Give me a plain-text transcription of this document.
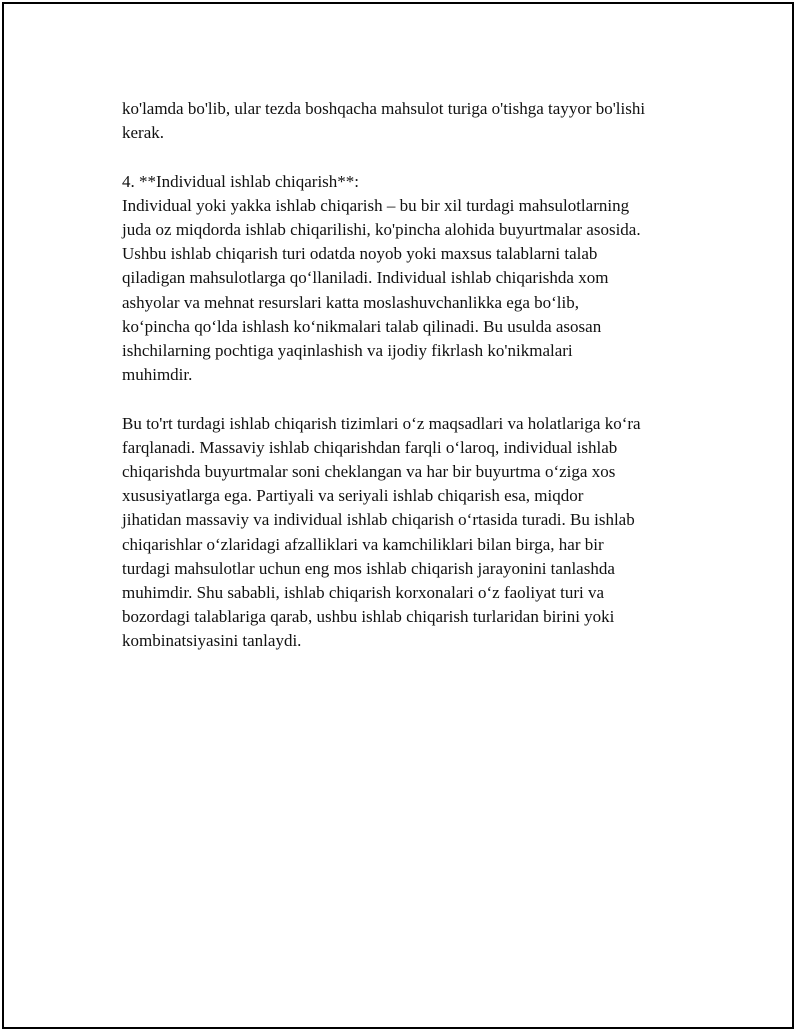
ko'lamda bo'lib, ular tezda boshqacha mahsulot turiga o'tishga tayyor bo'lishi
kerak.

4. **Individual ishlab chiqarish**:

Individual yoki yakka ishlab chiqarish – bu bir xil turdagi mahsulotlarning
juda oz miqdorda ishlab chiqarilishi, ko'pincha alohida buyurtmalar asosida.
Ushbu ishlab chiqarish turi odatda noyob yoki maxsus talablarni talab
qiladigan mahsulotlarga qo‘llaniladi. Individual ishlab chiqarishda xom
ashyolar va mehnat resurslari katta moslashuvchanlikka ega bo‘lib,
ko‘pincha qo‘lda ishlash ko‘nikmalari talab qilinadi. Bu usulda asosan
ishchilarning pochtiga yaqinlashish va ijodiy fikrlash ko'nikmalari
muhimdir.

Bu to'rt turdagi ishlab chiqarish tizimlari o‘z maqsadlari va holatlariga ko‘ra
farqlanadi. Massaviy ishlab chiqarishdan farqli o‘laroq, individual ishlab
chiqarishda buyurtmalar soni cheklangan va har bir buyurtma o‘ziga xos
xususiyatlarga ega. Partiyali va seriyali ishlab chiqarish esa, miqdor
jihatidan massaviy va individual ishlab chiqarish o‘rtasida turadi. Bu ishlab
chiqarishlar o‘zlaridagi afzalliklari va kamchiliklari bilan birga, har bir
turdagi mahsulotlar uchun eng mos ishlab chiqarish jarayonini tanlashda
muhimdir. Shu sababli, ishlab chiqarish korxonalari o‘z faoliyat turi va
bozordagi talablariga qarab, ushbu ishlab chiqarish turlaridan birini yoki
kombinatsiyasini tanlaydi.
